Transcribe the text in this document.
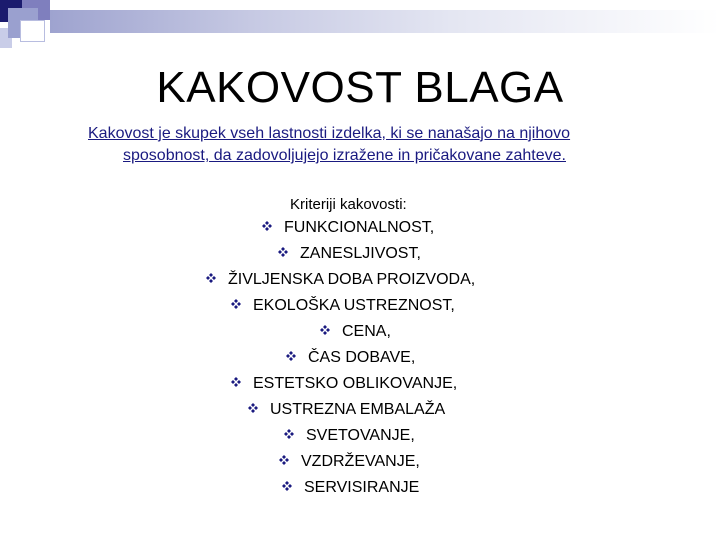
KAKOVOST BLAGA

Kakovost je skupek vseh lastnosti izdelka, ki se nanašajo na njihovo
sposobnost, da zadovoljujejo izražene in pričakovane zahteve.

Kriteriji kakovosti:

FUNKCIONALNOST,
ZANESLJIVOST,
ŽIVLJENSKA DOBA PROIZVODA,
EKOLOŠKA USTREZNOST,
CENA,
ČAS DOBAVE,
ESTETSKO OBLIKOVANJE,
USTREZNA EMBALAŽA
SVETOVANJE,
VZDRŽEVANJE,
SERVISIRANJE
